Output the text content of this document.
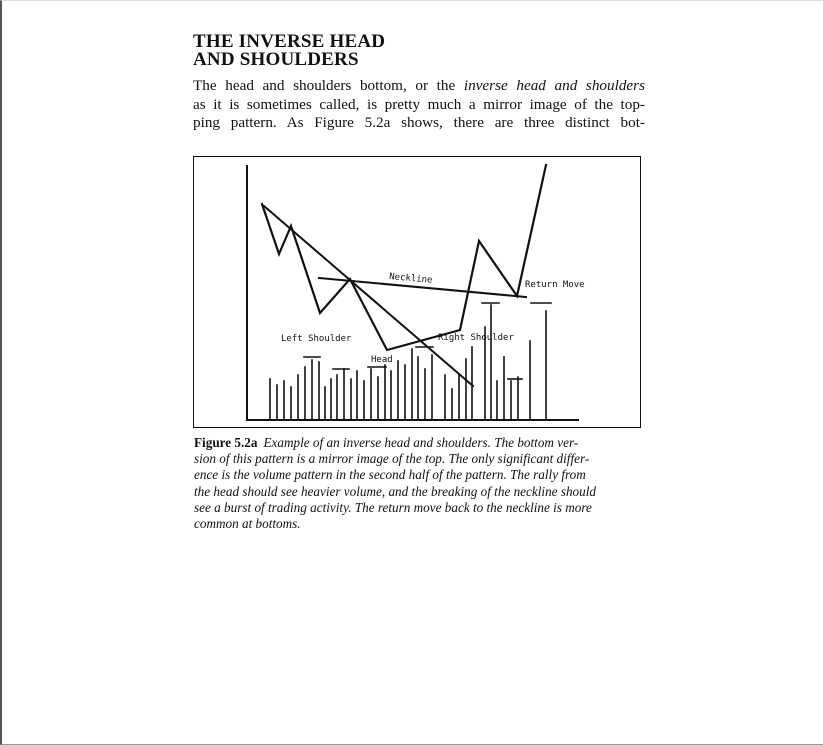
THE INVERSE HEAD
AND SHOULDERS
The head and shoulders bottom, or the inverse head and shoulders
as it is sometimes called, is pretty much a mirror image of the top-
ping pattern. As Figure 5.2a shows, there are three distinct bot-
Neckline	Return Move
Left Shoulder	Right Shoulder
Head
Figure 5.2a Example of an inverse head and shoulders. The bottom ver-
sion of this pattern is a mirror image of the top. The only significant differ-
ence is the volume pattern in the second half of the pattern. The rally from
the head should see heavier volume, and the breaking of the neckline should
see a burst of trading activity. The return move back to the neckline is more
common at bottoms.
